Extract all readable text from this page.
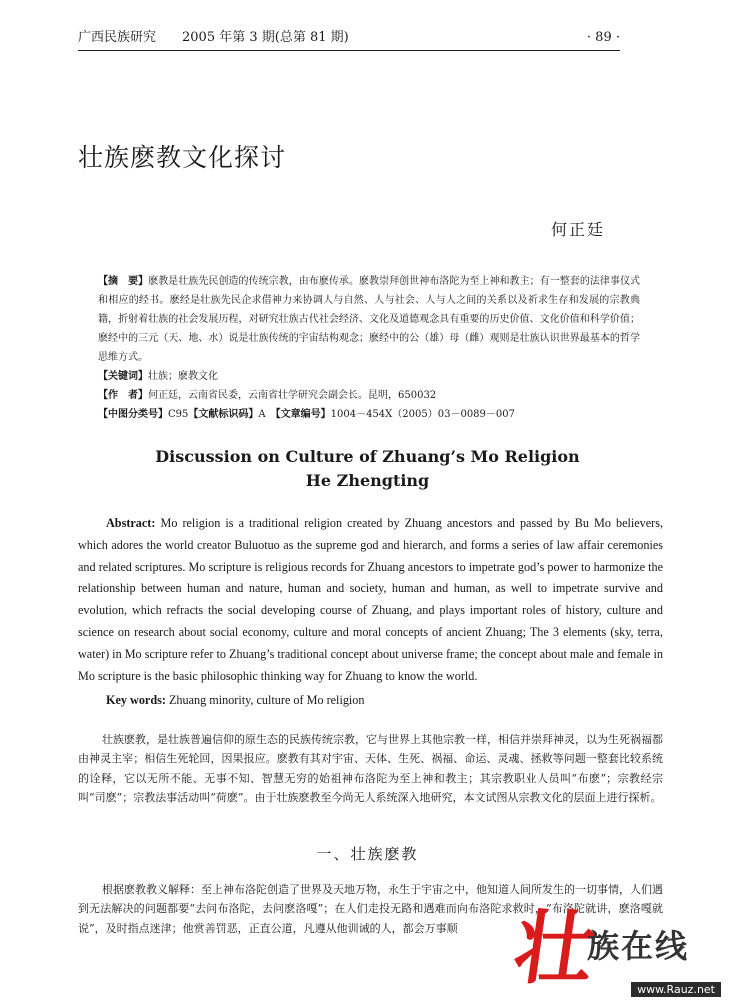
广西民族研究 2005 年第 3 期(总第 81 期)	· 89 ·
壮族麽教文化探讨
何正廷

【摘　要】麽教是壮族先民创造的传统宗教，由布麽传承。麽教崇拜创世神布洛陀为至上神和教主；有一整套的法律事仪式和相应的经书。麽经是壮族先民企求借神力来协调人与自然、人与社会、人与人之间的关系以及祈求生存和发展的宗教典籍，折射着壮族的社会发展历程，对研究壮族古代社会经济、文化及道德观念具有重要的历史价值、文化价值和科学价值；麽经中的三元（天、地、水）说是壮族传统的宇宙结构观念；麽经中的公（雄）母（雌）观则是壮族认识世界最基本的哲学思维方式。

【关键词】壮族；麽教文化

【作　者】何正廷，云南省民委，云南省壮学研究会副会长。昆明，650032

【中图分类号】C95【文献标识码】A　 【文章编号】1004－454X（2005）03－0089－007

Discussion on Culture of Zhuang’s Mo Religion
He Zhengting

Abstract: Mo religion is a traditional religion created by Zhuang ancestors and passed by Bu Mo believers, which adores the world creator Buluotuo as the supreme god and hierarch, and forms a series of law affair ceremonies and related scriptures. Mo scripture is religious records for Zhuang ancestors to impetrate god’s power to harmonize the relationship between human and nature, human and society, human and human, as well to impetrate survive and evolution, which refracts the social developing course of Zhuang, and plays important roles of history, culture and science on research about social economy, culture and moral concepts of ancient Zhuang; The 3 elements (sky, terra, water) in Mo scripture refer to Zhuang’s traditional concept about universe frame; the concept about male and female in Mo scripture is the basic philosophic thinking way for Zhuang to know the world.

Key words: Zhuang minority, culture of Mo religion

壮族麽教，是壮族普遍信仰的原生态的民族传统宗教，它与世界上其他宗教一样，相信并崇拜神灵，以为生死祸福都由神灵主宰；相信生死轮回，因果报应。麽教有其对宇宙、天体、生死、祸福、命运、灵魂、拯救等问题一整套比较系统的诠释，它以无所不能、无事不知、智慧无穷的始祖神布洛陀为至上神和教主；其宗教职业人员叫“布麽”；宗教经宗叫“司麽”；宗教法事活动叫“荷麽”。由于壮族麽教至今尚无人系统深入地研究，本文试图从宗教文化的层面上进行探析。

一、壮族麽教

根据麽教教义解释：至上神布洛陀创造了世界及天地万物，永生于宇宙之中，他知道人间所发生的一切事情，人们遇到无法解决的问题都要“去问布洛陀，去问麽洛嘎”；在人们走投无路和遇难而向布洛陀求救时，“布洛陀就讲，麽洛嘎就说”，及时指点迷津；他赏善罚恶，正直公道，凡遵从他训诫的人，都会万事顺 壮
族在线
www.Rauz.net
